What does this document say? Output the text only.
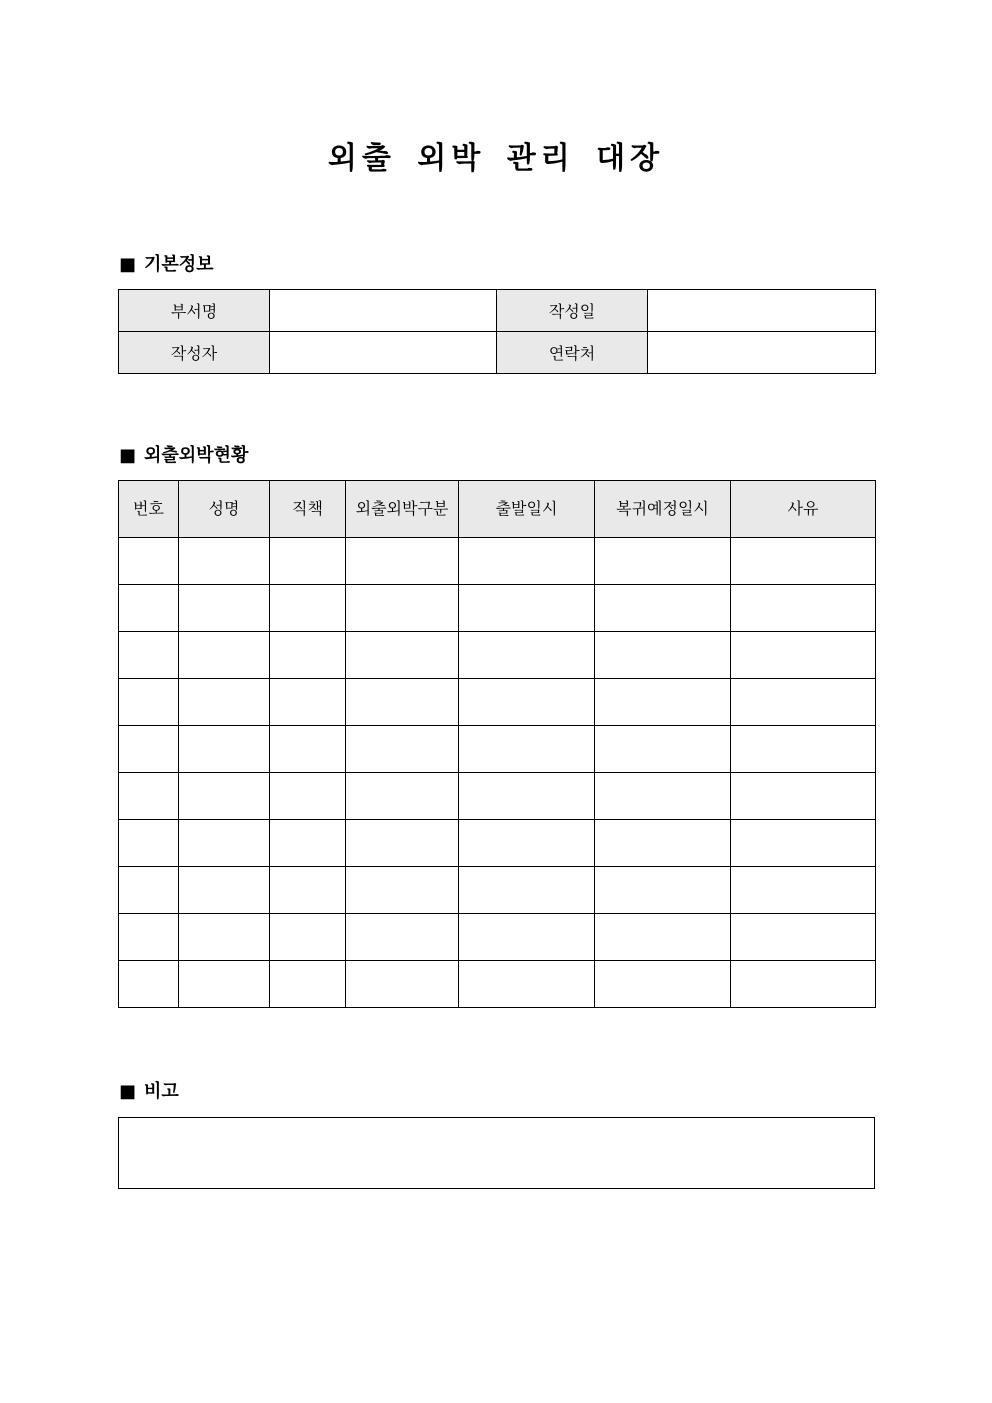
외출 외박 관리 대장
■ 기본정보
부서명		작성일	
작성자		연락처	
■ 외출외박현황
번호	성명	직책	외출외박구분	출발일시	복귀예정일시	사유

■ 비고
